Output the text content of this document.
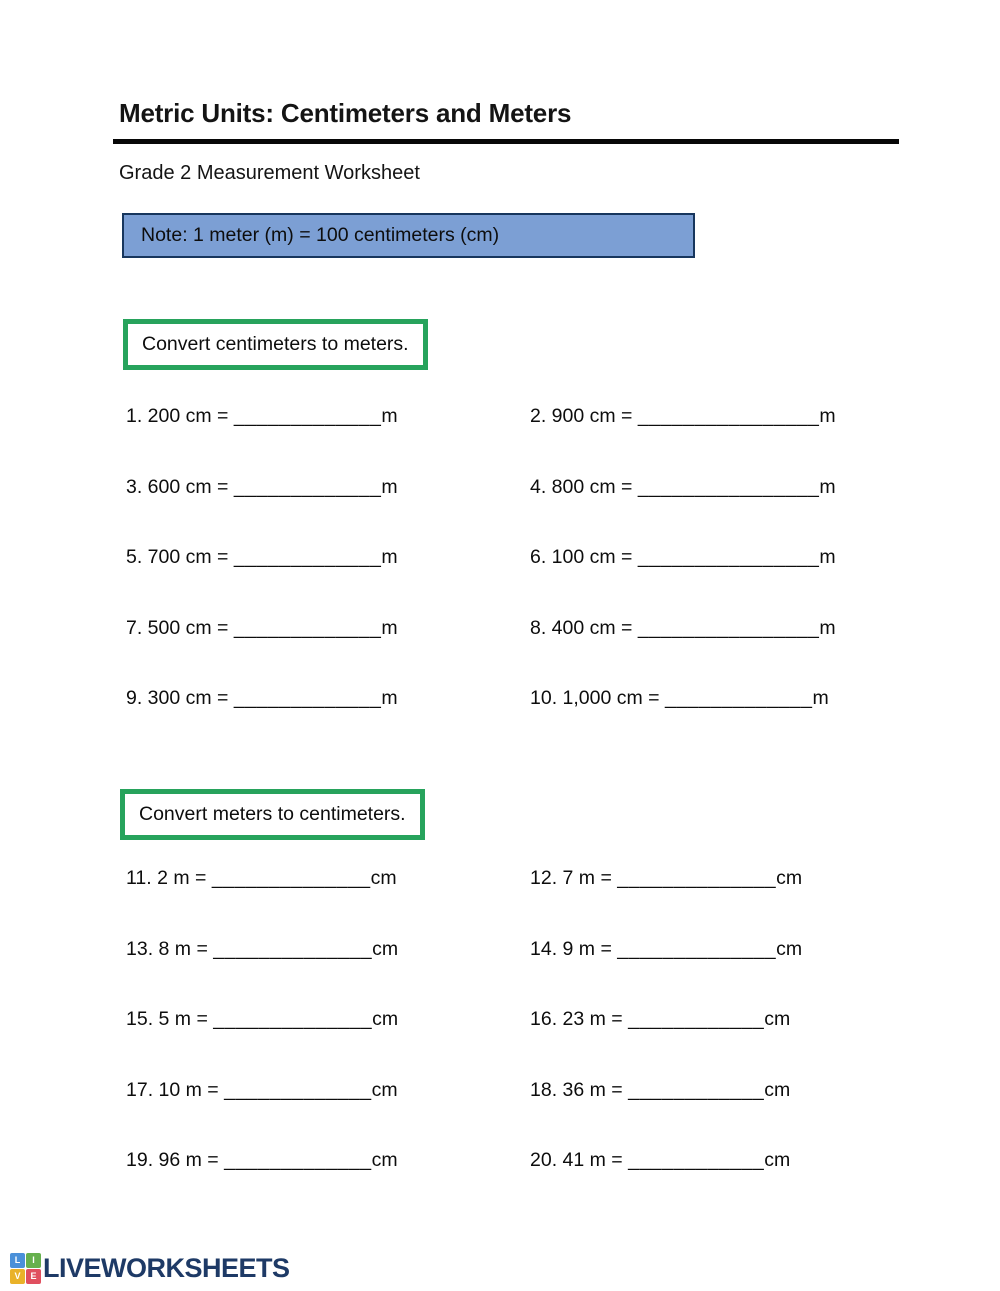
Metric Units: Centimeters and Meters
Grade 2 Measurement Worksheet
Note: 1 meter (m) = 100 centimeters (cm)
Convert centimeters to meters.
1. 200 cm = _____________m	2. 900 cm = ________________m
3. 600 cm = _____________m	4. 800 cm = ________________m
5. 700 cm = _____________m	6. 100 cm = ________________m
7. 500 cm = _____________m	8. 400 cm = ________________m
9. 300 cm = _____________m	10. 1,000 cm = _____________m
Convert meters to centimeters.
11. 2 m = ______________cm	12. 7 m = ______________cm
13. 8 m = ______________cm	14. 9 m = ______________cm
15. 5 m = ______________cm	16. 23 m = ____________cm
17. 10 m = _____________cm	18. 36 m = ____________cm
19. 96 m = _____________cm	20. 41 m = ____________cm
L	I
V	E LIVEWORKSHEETS
